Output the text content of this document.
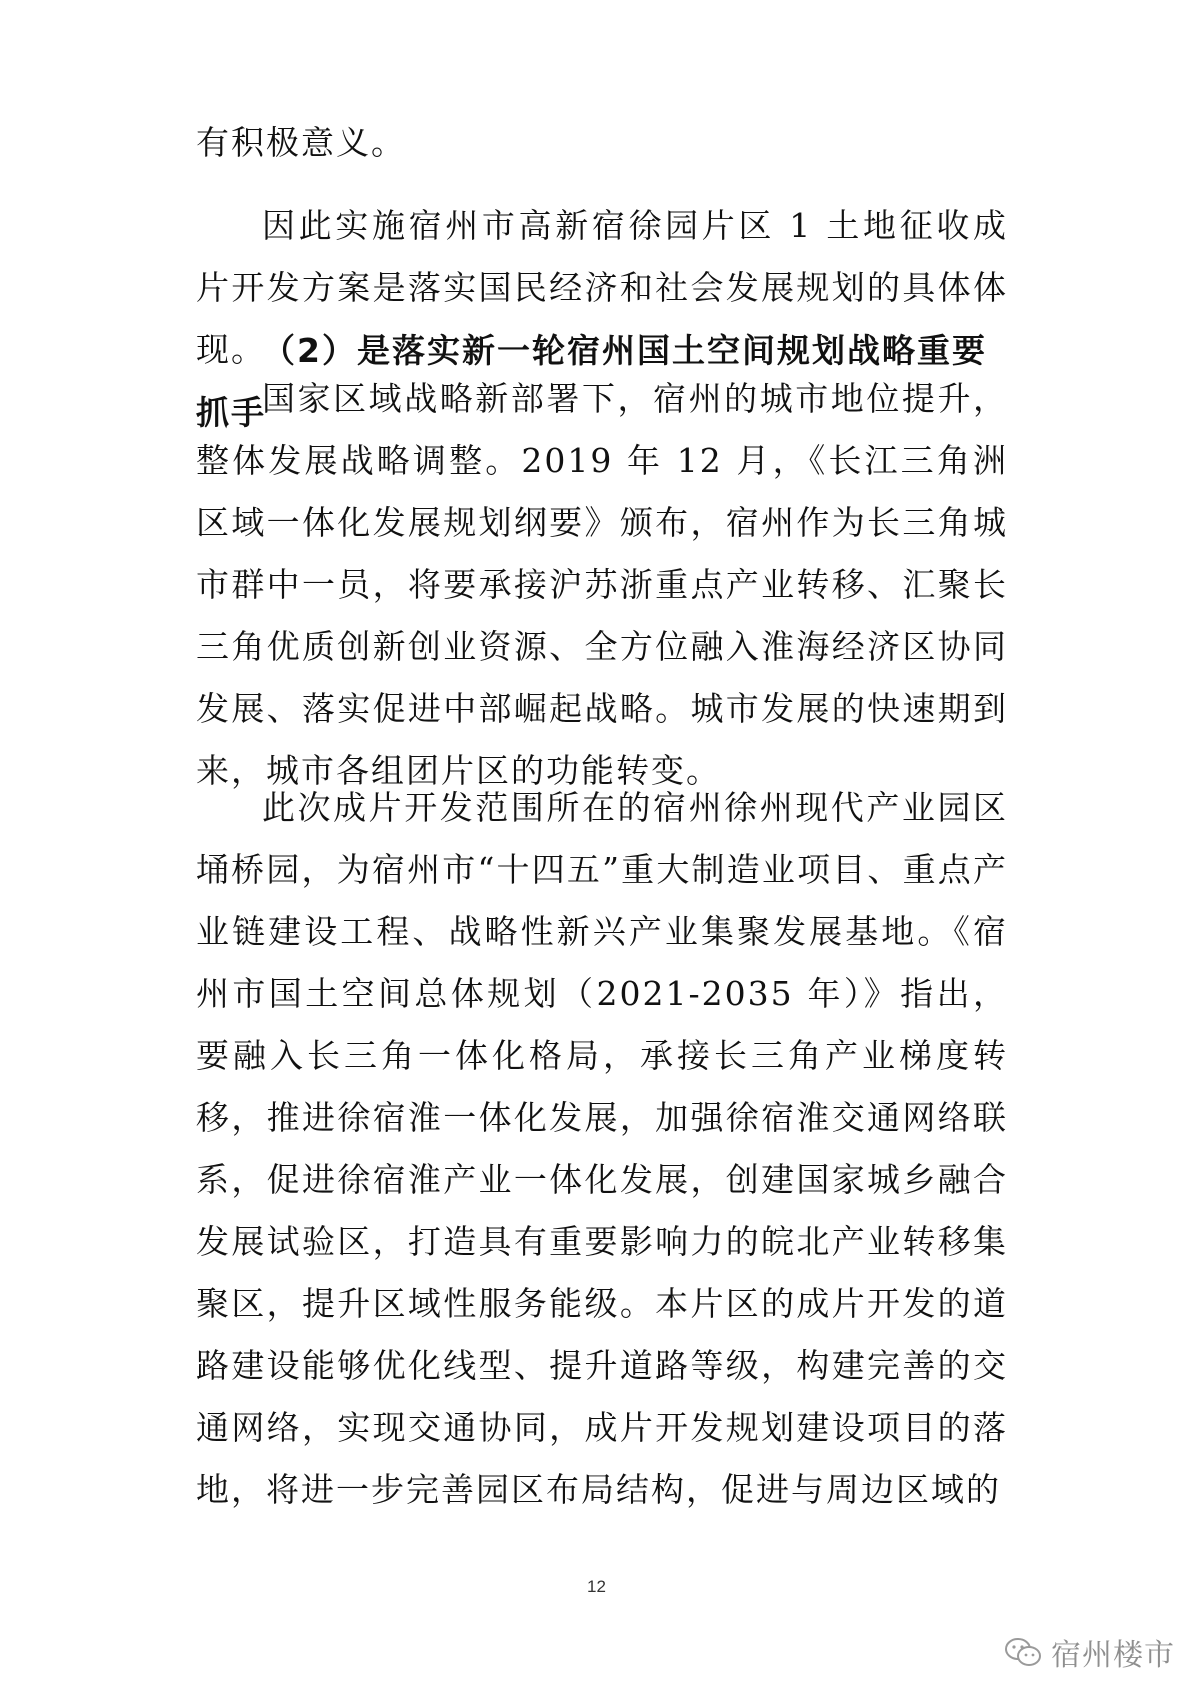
有积极意义。

因此实施宿州市高新宿徐园片区 1 土地征收成片开发方案是落实国民经济和社会发展规划的具体体现。

（2）是落实新一轮宿州国土空间规划战略重要抓手

国家区域战略新部署下，宿州的城市地位提升，整体发展战略调整。2019 年 12 月，《长江三角洲区域一体化发展规划纲要》颁布，宿州作为长三角城市群中一员，将要承接沪苏浙重点产业转移、汇聚长三角优质创新创业资源、全方位融入淮海经济区协同发展、落实促进中部崛起战略。城市发展的快速期到来，城市各组团片区的功能转变。

此次成片开发范围所在的宿州徐州现代产业园区埇桥园，为宿州市“十四五”重大制造业项目、重点产业链建设工程、战略性新兴产业集聚发展基地。《宿州市国土空间总体规划（2021-2035 年）》指出，要融入长三角一体化格局，承接长三角产业梯度转移，推进徐宿淮一体化发展，加强徐宿淮交通网络联系，促进徐宿淮产业一体化发展，创建国家城乡融合发展试验区，打造具有重要影响力的皖北产业转移集聚区，提升区域性服务能级。本片区的成片开发的道路建设能够优化线型、提升道路等级，构建完善的交通网络，实现交通协同，成片开发规划建设项目的落地，将进一步完善园区布局结构，促进与周边区域的

12
宿州楼市
